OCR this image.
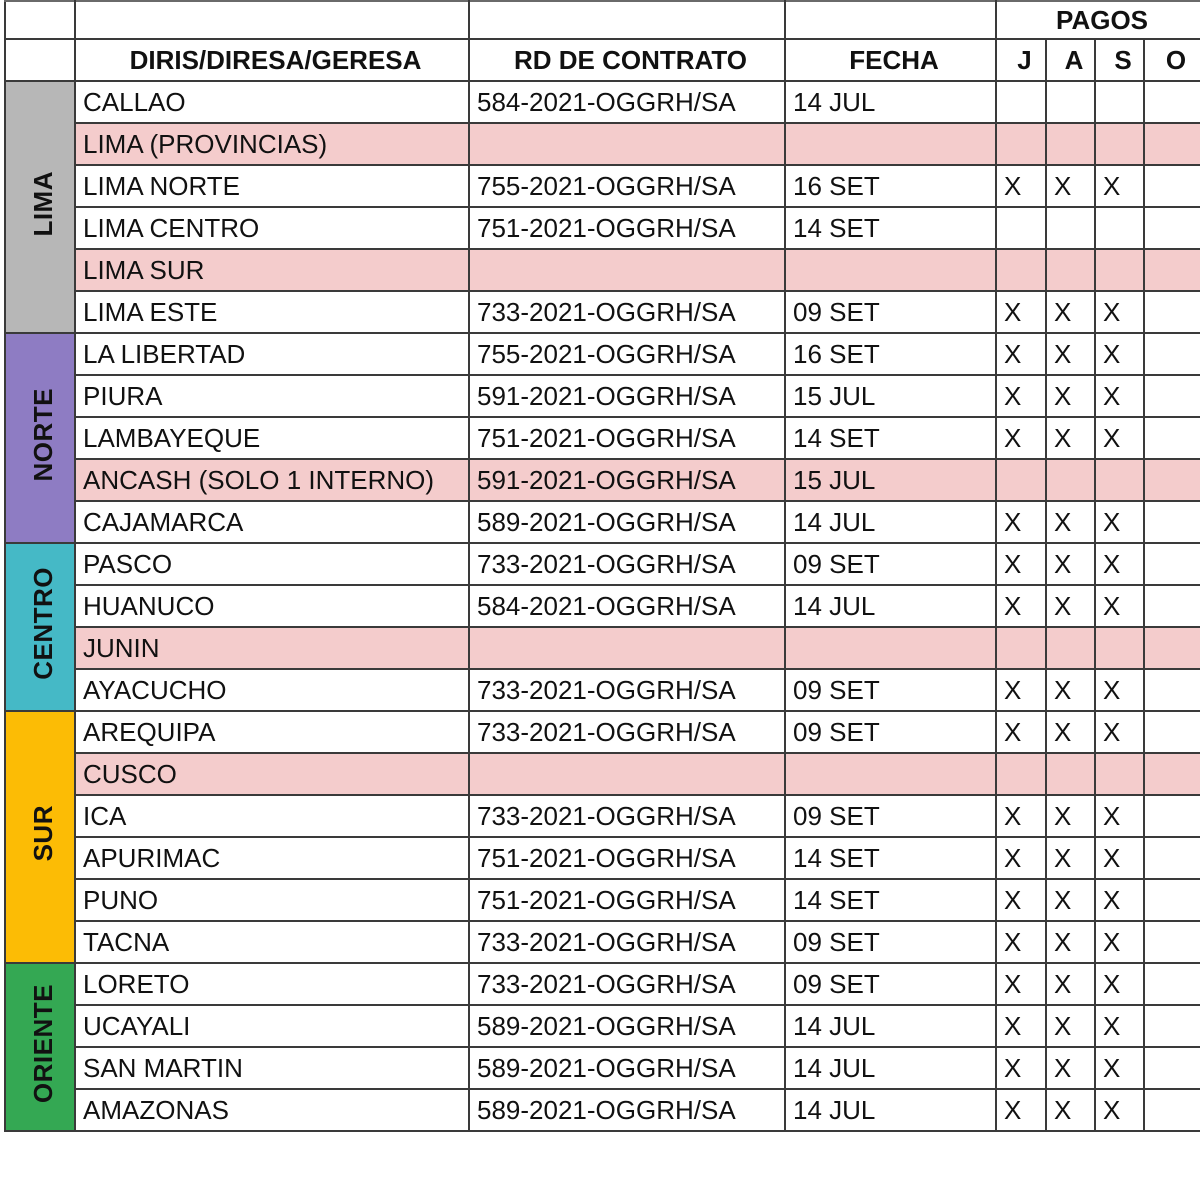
				PAGOS			
	DIRIS/DIRESA/GERESA	RD DE CONTRATO	FECHA	J	A	S	O
LIMA	CALLAO	584-2021-OGGRH/SA	14 JUL				
	LIMA (PROVINCIAS)						
	LIMA NORTE	755-2021-OGGRH/SA	16 SET	X	X	X	
	LIMA CENTRO	751-2021-OGGRH/SA	14 SET				
	LIMA SUR						
	LIMA ESTE	733-2021-OGGRH/SA	09 SET	X	X	X	
NORTE	LA LIBERTAD	755-2021-OGGRH/SA	16 SET	X	X	X	
	PIURA	591-2021-OGGRH/SA	15 JUL	X	X	X	
	LAMBAYEQUE	751-2021-OGGRH/SA	14 SET	X	X	X	
	ANCASH (SOLO 1 INTERNO)	591-2021-OGGRH/SA	15 JUL				
	CAJAMARCA	589-2021-OGGRH/SA	14 JUL	X	X	X	
CENTRO	PASCO	733-2021-OGGRH/SA	09 SET	X	X	X	
	HUANUCO	584-2021-OGGRH/SA	14 JUL	X	X	X	
	JUNIN						
	AYACUCHO	733-2021-OGGRH/SA	09 SET	X	X	X	
SUR	AREQUIPA	733-2021-OGGRH/SA	09 SET	X	X	X	
	CUSCO						
	ICA	733-2021-OGGRH/SA	09 SET	X	X	X	
	APURIMAC	751-2021-OGGRH/SA	14 SET	X	X	X	
	PUNO	751-2021-OGGRH/SA	14 SET	X	X	X	
	TACNA	733-2021-OGGRH/SA	09 SET	X	X	X	
ORIENTE	LORETO	733-2021-OGGRH/SA	09 SET	X	X	X	
	UCAYALI	589-2021-OGGRH/SA	14 JUL	X	X	X	
	SAN MARTIN	589-2021-OGGRH/SA	14 JUL	X	X	X	
	AMAZONAS	589-2021-OGGRH/SA	14 JUL	X	X	X	
